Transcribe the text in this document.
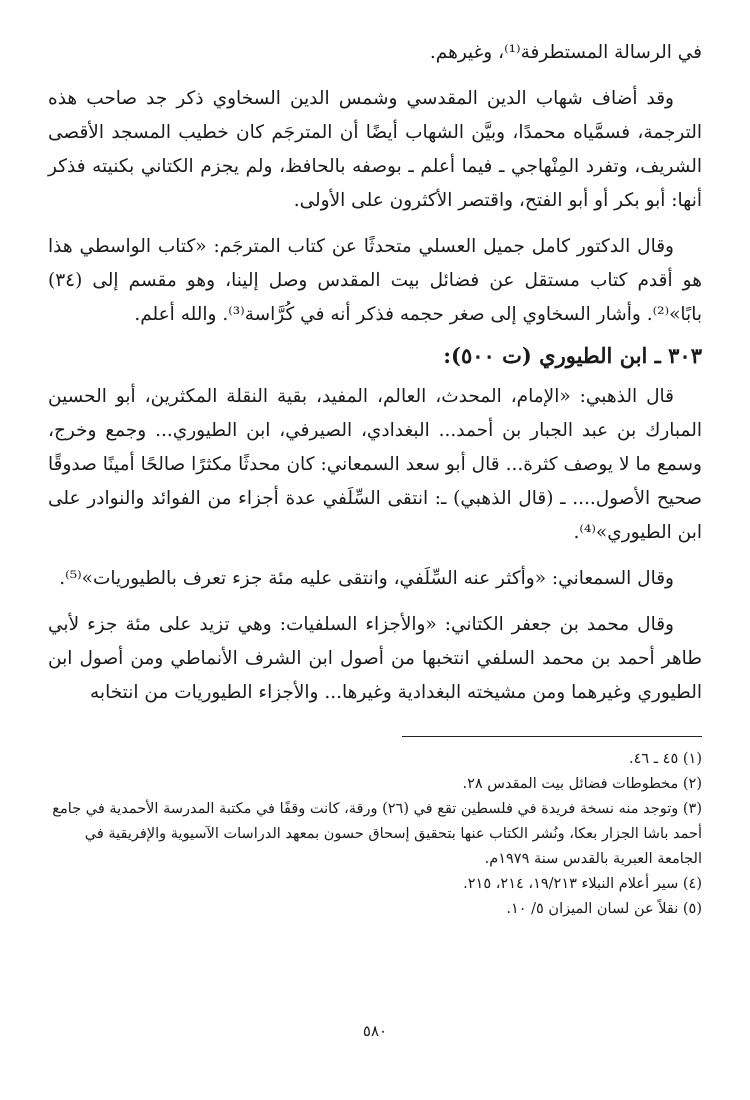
في الرسالة المستطرفة⁽¹⁾، وغيرهم.

وقد أضاف شهاب الدين المقدسي وشمس الدين السخاوي ذكر جد صاحب هذه الترجمة، فسمَّياه محمدًا، وبيَّن الشهاب أيضًا أن المترجَم كان خطيب المسجد الأقصى الشريف، وتفرد المِنْهاجي ـ فيما أعلم ـ بوصفه بالحافظ، ولم يجزم الكتاني بكنيته فذكر أنها: أبو بكر أو أبو الفتح، واقتصر الأكثرون على الأولى.

وقال الدكتور كامل جميل العسلي متحدثًا عن كتاب المترجَم: «كتاب الواسطي هذا هو أقدم كتاب مستقل عن فضائل بيت المقدس وصل إلينا، وهو مقسم إلى (٣٤) بابًا»⁽²⁾. وأشار السخاوي إلى صغر حجمه فذكر أنه في كُرَّاسة⁽³⁾. والله أعلم.

٣٠٣ ـ ابن الطيوري (ت ٥٠٠):

قال الذهبي: «الإمام، المحدث، العالم، المفيد، بقية النقلة المكثرين، أبو الحسين المبارك بن عبد الجبار بن أحمد... البغدادي، الصيرفي، ابن الطيوري... وجمع وخرج، وسمع ما لا يوصف كثرة... قال أبو سعد السمعاني: كان محدثًا مكثرًا صالحًا أمينًا صدوقًا صحيح الأصول.... ـ (قال الذهبي) ـ: انتقى السِّلَفي عدة أجزاء من الفوائد والنوادر على ابن الطيوري»⁽⁴⁾.

وقال السمعاني: «وأكثر عنه السِّلَفي، وانتقى عليه مئة جزء تعرف بالطيوريات»⁽⁵⁾.

وقال محمد بن جعفر الكتاني: «والأجزاء السلفيات: وهي تزيد على مئة جزء لأبي طاهر أحمد بن محمد السلفي انتخبها من أصول ابن الشرف الأنماطي ومن أصول ابن الطيوري وغيرهما ومن مشيخته البغدادية وغيرها... والأجزاء الطيوريات من انتخابه

(١) ٤٥ ـ ٤٦.

(٢) مخطوطات فضائل بيت المقدس ٢٨.

(٣) وتوجد منه نسخة فريدة في فلسطين تقع في (٢٦) ورقة، كانت وقفًا في مكتبة المدرسة الأحمدية في جامع أحمد باشا الجزار بعكا، ونُشر الكتاب عنها بتحقيق إسحاق حسون بمعهد الدراسات الآسيوية والإفريقية في الجامعة العبرية بالقدس سنة ١٩٧٩م.

(٤) سير أعلام النبلاء ١٩/٢١٣، ٢١٤، ٢١٥.

(٥) نقلاً عن لسان الميزان ٥/ ١٠.

٥٨٠
